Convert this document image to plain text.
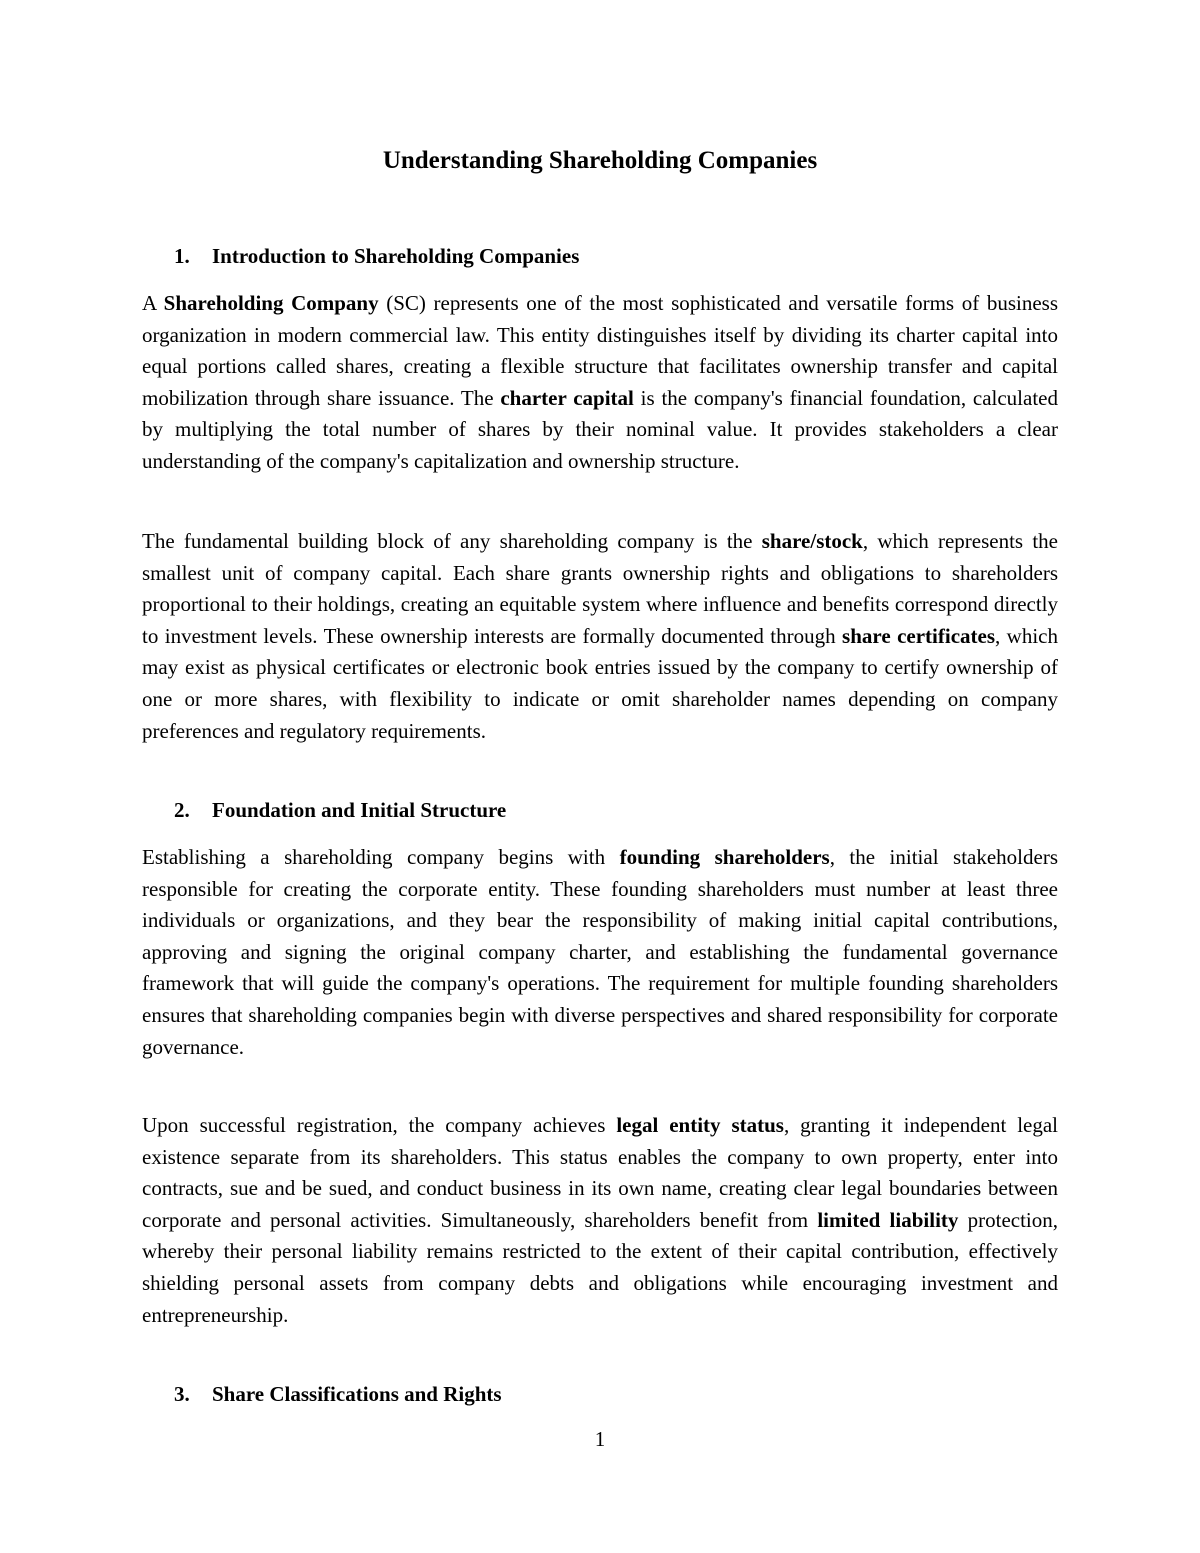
Understanding Shareholding Companies
1. Introduction to Shareholding Companies

A Shareholding Company (SC) represents one of the most sophisticated and versatile forms of business organization in modern commercial law. This entity distinguishes itself by dividing its charter capital into equal portions called shares, creating a flexible structure that facilitates ownership transfer and capital mobilization through share issuance. The charter capital is the company's financial foundation, calculated by multiplying the total number of shares by their nominal value. It provides stakeholders a clear understanding of the company's capitalization and ownership structure.

The fundamental building block of any shareholding company is the share/stock, which represents the smallest unit of company capital. Each share grants ownership rights and obligations to shareholders proportional to their holdings, creating an equitable system where influence and benefits correspond directly to investment levels. These ownership interests are formally documented through share certificates, which may exist as physical certificates or electronic book entries issued by the company to certify ownership of one or more shares, with flexibility to indicate or omit shareholder names depending on company preferences and regulatory requirements.

2. Foundation and Initial Structure

Establishing a shareholding company begins with founding shareholders, the initial stakeholders responsible for creating the corporate entity. These founding shareholders must number at least three individuals or organizations, and they bear the responsibility of making initial capital contributions, approving and signing the original company charter, and establishing the fundamental governance framework that will guide the company's operations. The requirement for multiple founding shareholders ensures that shareholding companies begin with diverse perspectives and shared responsibility for corporate governance.

Upon successful registration, the company achieves legal entity status, granting it independent legal existence separate from its shareholders. This status enables the company to own property, enter into contracts, sue and be sued, and conduct business in its own name, creating clear legal boundaries between corporate and personal activities. Simultaneously, shareholders benefit from limited liability protection, whereby their personal liability remains restricted to the extent of their capital contribution, effectively shielding personal assets from company debts and obligations while encouraging investment and entrepreneurship.

3. Share Classifications and Rights

1
